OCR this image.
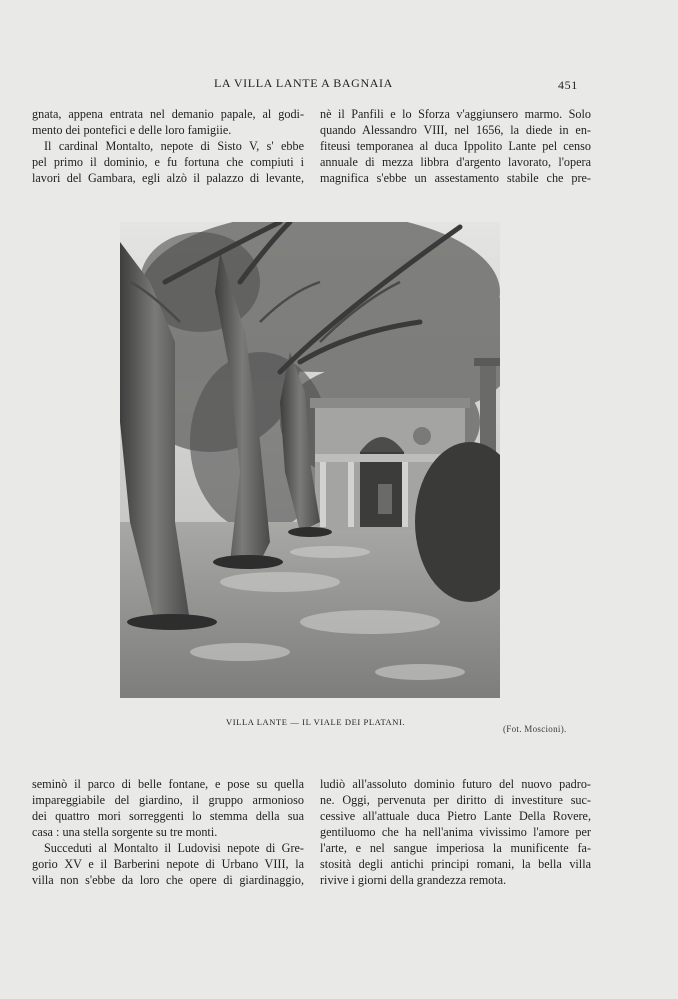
LA VILLA LANTE A BAGNAIA	451
gnata, appena entrata nel demanio papale, al godi-
mento dei pontefici e delle loro famigiie.
Il cardinal Montalto, nepote di Sisto V, s' ebbe
pel primo il dominio, e fu fortuna che compiuti i
lavori del Gambara, egli alzò il palazzo di levante,
nè il Panfili e lo Sforza v'aggiunsero marmo. Solo
quando Alessandro VIII, nel 1656, la diede in en-
fiteusi temporanea al duca Ippolito Lante pel censo
annuale di mezza libbra d'argento lavorato, l'opera
magnifica s'ebbe un assestamento stabile che pre-
VILLA LANTE — IL VIALE DEI PLATANI.
(Fot. Moscioni).
seminò il parco di belle fontane, e pose su quella
impareggiabile del giardino, il gruppo armonioso
dei quattro mori sorreggenti lo stemma della sua
casa : una stella sorgente su tre monti.
Succeduti al Montalto il Ludovisi nepote di Gre-
gorio XV e il Barberini nepote di Urbano VIII, la
villa non s'ebbe da loro che opere di giardinaggio,
ludiò all'assoluto dominio futuro del nuovo padro-
ne. Oggi, pervenuta per diritto di investiture suc-
cessive all'attuale duca Pietro Lante Della Rovere,
gentiluomo che ha nell'anima vivissimo l'amore per
l'arte, e nel sangue imperiosa la munificente fa-
stosità degli antichi principi romani, la bella villa
rivive i giorni della grandezza remota.
